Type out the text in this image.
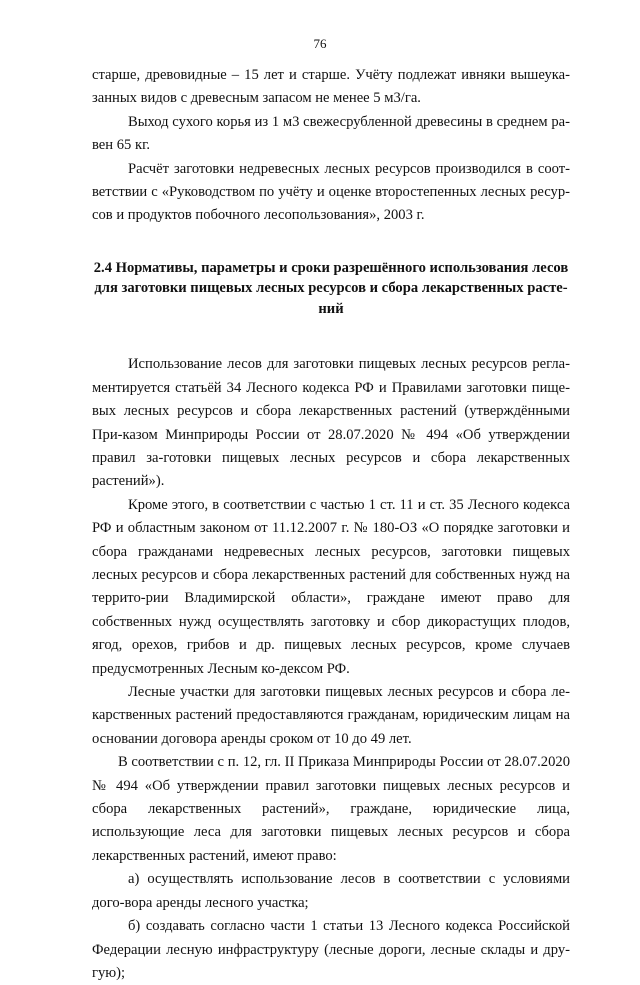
76

старше, древовидные – 15 лет и старше. Учёту подлежат ивняки вышеука-занных видов с древесным запасом не менее 5 м3/га.

Выход сухого корья из 1 м3 свежесрубленной древесины в среднем ра-вен 65 кг.

Расчёт заготовки недревесных лесных ресурсов производился в соот-ветствии с «Руководством по учёту и оценке второстепенных лесных ресур-сов и продуктов побочного лесопользования», 2003 г.

2.4 Нормативы, параметры и сроки разрешённого использования лесов для заготовки пищевых лесных ресурсов и сбора лекарственных расте-ний

Использование лесов для заготовки пищевых лесных ресурсов регла-ментируется статьёй 34 Лесного кодекса РФ и Правилами заготовки пище-вых лесных ресурсов и сбора лекарственных растений (утверждёнными При-казом Минприроды России от 28.07.2020 № 494 «Об утверждении правил за-готовки пищевых лесных ресурсов и сбора лекарственных растений»).

Кроме этого, в соответствии с частью 1 ст. 11 и ст. 35 Лесного кодекса РФ и областным законом от 11.12.2007 г. № 180-ОЗ «О порядке заготовки и сбора гражданами недревесных лесных ресурсов, заготовки пищевых лесных ресурсов и сбора лекарственных растений для собственных нужд на террито-рии Владимирской области», граждане имеют право для собственных нужд осуществлять заготовку и сбор дикорастущих плодов, ягод, орехов, грибов и др. пищевых лесных ресурсов, кроме случаев предусмотренных Лесным ко-дексом РФ.

Лесные участки для заготовки пищевых лесных ресурсов и сбора ле-карственных растений предоставляются гражданам, юридическим лицам на основании договора аренды сроком от 10 до 49 лет.

В соответствии с п. 12, гл. II Приказа Минприроды России от 28.07.2020 № 494 «Об утверждении правил заготовки пищевых лесных ресурсов и сбора лекарственных растений», граждане, юридические лица, использующие леса для заготовки пищевых лесных ресурсов и сбора лекарственных растений, имеют право:

а) осуществлять использование лесов в соответствии с условиями дого-вора аренды лесного участка;

б) создавать согласно части 1 статьи 13 Лесного кодекса Российской Федерации лесную инфраструктуру (лесные дороги, лесные склады и дру-гую);
